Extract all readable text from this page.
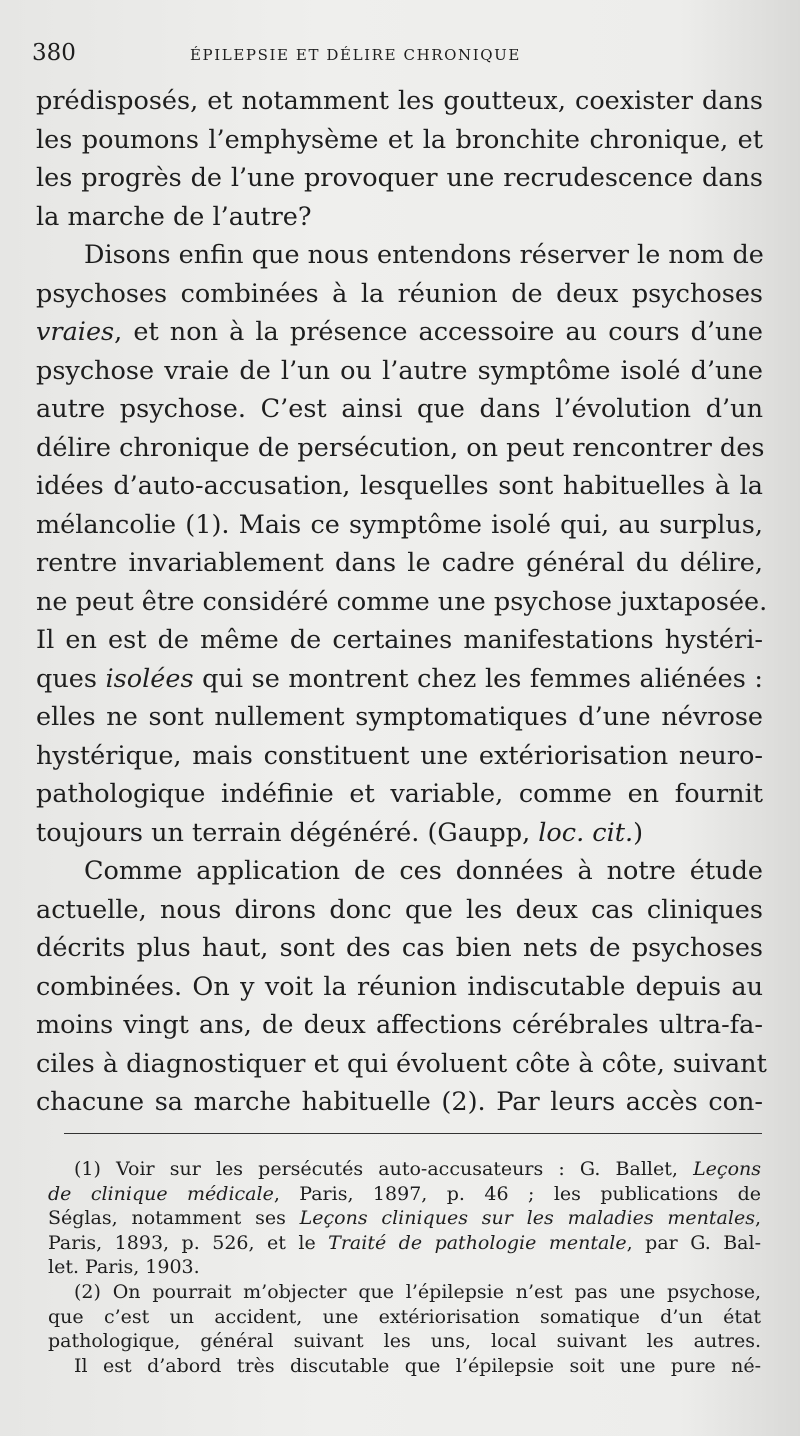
380	ÉPILEPSIE ET DÉLIRE CHRONIQUE
prédisposés, et notamment les goutteux, coexister dans
les poumons l’emphysème et la bronchite chronique, et
les progrès de l’une provoquer une recrudescence dans
la marche de l’autre?
Disons enfin que nous entendons réserver le nom de
psychoses combinées à la réunion de deux psychoses
vraies, et non à la présence accessoire au cours d’une
psychose vraie de l’un ou l’autre symptôme isolé d’une
autre psychose. C’est ainsi que dans l’évolution d’un
délire chronique de persécution, on peut rencontrer des
idées d’auto-accusation, lesquelles sont habituelles à la
mélancolie (1). Mais ce symptôme isolé qui, au surplus,
rentre invariablement dans le cadre général du délire,
ne peut être considéré comme une psychose juxtaposée.
Il en est de même de certaines manifestations hystéri-
ques isolées qui se montrent chez les femmes aliénées :
elles ne sont nullement symptomatiques d’une névrose
hystérique, mais constituent une extériorisation neuro-
pathologique indéfinie et variable, comme en fournit
toujours un terrain dégénéré. (Gaupp, loc. cit.)
Comme application de ces données à notre étude
actuelle, nous dirons donc que les deux cas cliniques
décrits plus haut, sont des cas bien nets de psychoses
combinées. On y voit la réunion indiscutable depuis au
moins vingt ans, de deux affections cérébrales ultra-fa-
ciles à diagnostiquer et qui évoluent côte à côte, suivant
chacune sa marche habituelle (2). Par leurs accès con-
(1) Voir sur les persécutés auto-accusateurs : G. Ballet, Leçons
de clinique médicale, Paris, 1897, p. 46 ; les publications de
Séglas, notamment ses Leçons cliniques sur les maladies mentales,
Paris, 1893, p. 526, et le Traité de pathologie mentale, par G. Bal-
let. Paris, 1903.
(2) On pourrait m’objecter que l’épilepsie n’est pas une psychose,
que c’est un accident, une extériorisation somatique d’un état
pathologique, général suivant les uns, local suivant les autres.
Il est d’abord très discutable que l’épilepsie soit une pure né-
